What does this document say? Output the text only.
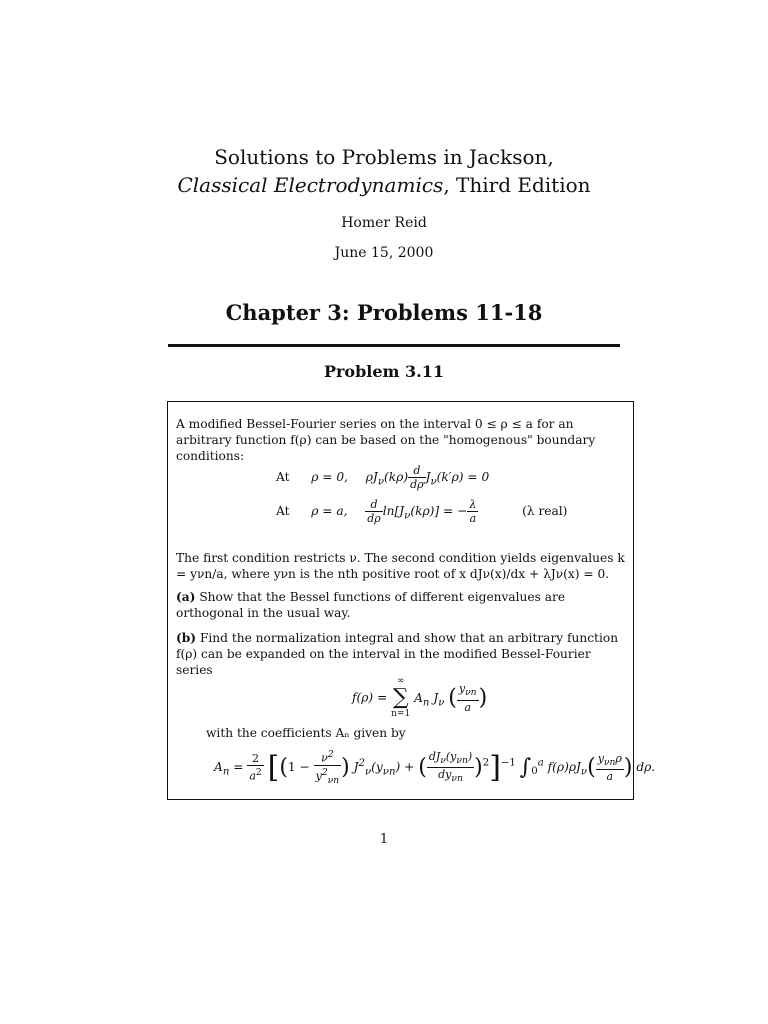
Solutions to Problems in Jackson,
Classical Electrodynamics, Third Edition
Homer Reid
June 15, 2000
Chapter 3: Problems 11-18
Problem 3.11
A modified Bessel-Fourier series on the interval 0 ≤ ρ ≤ a for an arbitrary function f(ρ) can be based on the "homogenous" boundary conditions:
At ρ = 0, $\rho J_\nu(k\rho) \frac{d}{d\rho} J_\nu(k'\rho) = 0$
At ρ = a, $\frac{d}{d\rho} \ln[J_\nu(k\rho)]$ = − $\frac{\lambda}{a}$	(λ real)
The first condition restricts ν. The second condition yields eigenvalues k = yνn/a, where yνn is the nth positive root of x dJν(x)/dx + λJν(x) = 0.
(a) Show that the Bessel functions of different eigenvalues are orthogonal in the usual way.
(b) Find the normalization integral and show that an arbitrary function f(ρ) can be expanded on the interval in the modified Bessel-Fourier series
f(ρ) =
∞
∑
n=1
$A_n$ $J_\nu$ ( $\frac{y_{\nu n}}{a}$ )
with the coefficients Aₙ given by
$A_n = \frac{2}{a^2} [(1 - \frac{\nu^2}{y^2_{\nu n}}$ ) $J^2_\nu(y_{\nu n})$ + ( $\frac{dJ_\nu(y_{\nu n})}{dy_{\nu n}} )^2]^{-1}$ $\int_0^a$ $f(\rho)\rho J_\nu( \frac{y_{\nu n}\rho}{a}$ ) dρ.
1
